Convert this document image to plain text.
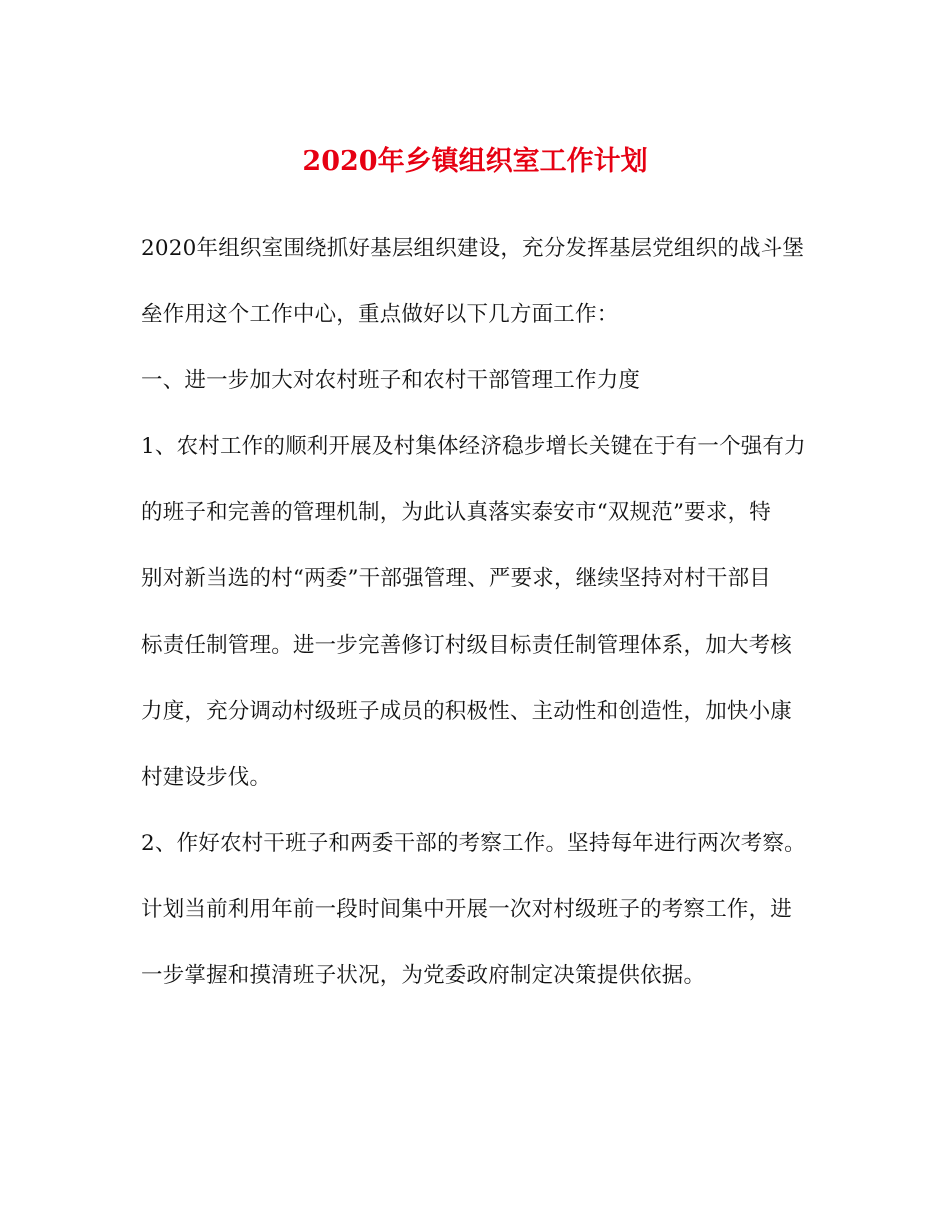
2020年乡镇组织室工作计划
2020年组织室围绕抓好基层组织建设，充分发挥基层党组织的战斗堡
垒作用这个工作中心，重点做好以下几方面工作：
一、进一步加大对农村班子和农村干部管理工作力度
1、农村工作的顺利开展及村集体经济稳步增长关键在于有一个强有力
的班子和完善的管理机制，为此认真落实泰安市“双规范”要求，特
别对新当选的村“两委”干部强管理、严要求，继续坚持对村干部目
标责任制管理。进一步完善修订村级目标责任制管理体系，加大考核
力度，充分调动村级班子成员的积极性、主动性和创造性，加快小康
村建设步伐。
2、作好农村干班子和两委干部的考察工作。坚持每年进行两次考察。
计划当前利用年前一段时间集中开展一次对村级班子的考察工作，进
一步掌握和摸清班子状况，为党委政府制定决策提供依据。
